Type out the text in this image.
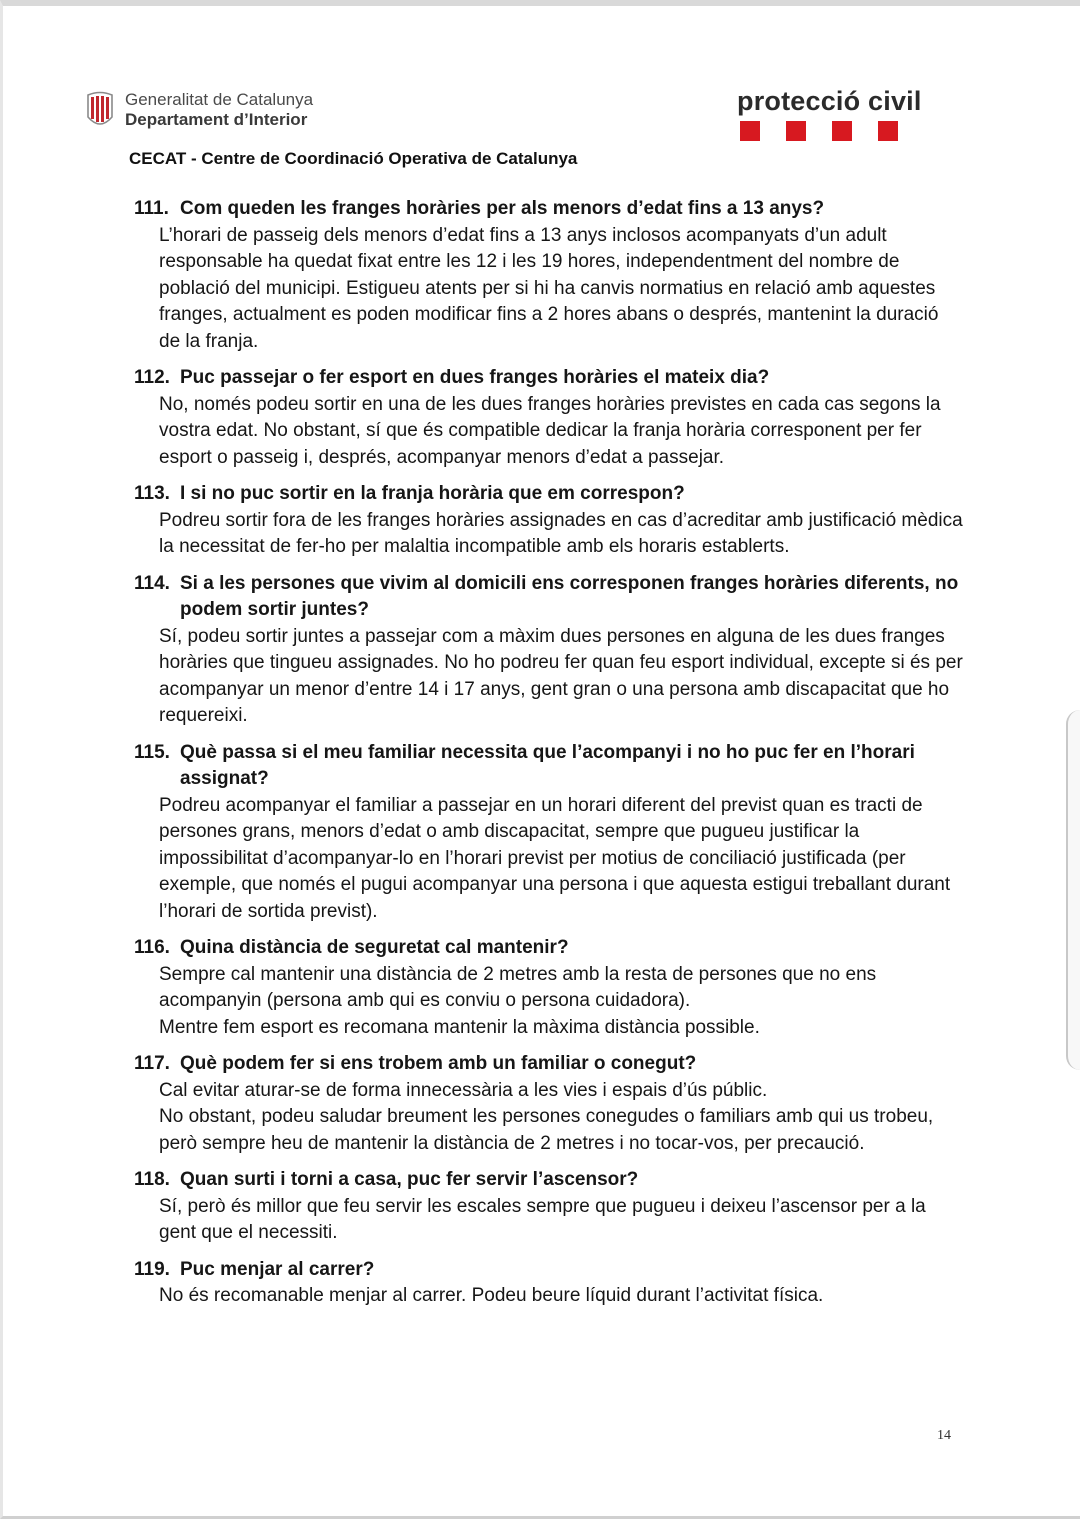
Generalitat de Catalunya
Departament d’Interior
protecció civil
CECAT - Centre de Coordinació Operativa de Catalunya
111. Com queden les franges horàries per als menors d’edat fins a 13 anys?

L’horari de passeig dels menors d’edat fins a 13 anys inclosos acompanyats d’un adult responsable ha quedat fixat entre les 12 i les 19 hores, independentment del nombre de població del municipi. Estigueu atents per si hi ha canvis normatius en relació amb aquestes franges, actualment es poden modificar fins a 2 hores abans o després, mantenint la duració de la franja.

112. Puc passejar o fer esport en dues franges horàries el mateix dia?

No, només podeu sortir en una de les dues franges horàries previstes en cada cas segons la vostra edat. No obstant, sí que és compatible dedicar la franja horària corresponent per fer esport o passeig i, després, acompanyar menors d’edat a passejar.

113. I si no puc sortir en la franja horària que em correspon?

Podreu sortir fora de les franges horàries assignades en cas d’acreditar amb justificació mèdica la necessitat de fer-ho per malaltia incompatible amb els horaris establerts.

114. Si a les persones que vivim al domicili ens corresponen franges horàries diferents, no podem sortir juntes?

Sí, podeu sortir juntes a passejar com a màxim dues persones en alguna de les dues franges horàries que tingueu assignades. No ho podreu fer quan feu esport individual, excepte si és per acompanyar un menor d’entre 14 i 17 anys, gent gran o una persona amb discapacitat que ho requereixi.

115. Què passa si el meu familiar necessita que l’acompanyi i no ho puc fer en l’horari assignat?

Podreu acompanyar el familiar a passejar en un horari diferent del previst quan es tracti de persones grans, menors d’edat o amb discapacitat, sempre que pugueu justificar la impossibilitat d’acompanyar-lo en l’horari previst per motius de conciliació justificada (per exemple, que només el pugui acompanyar una persona i que aquesta estigui treballant durant l’horari de sortida previst).

116. Quina distància de seguretat cal mantenir?

Sempre cal mantenir una distància de 2 metres amb la resta de persones que no ens acompanyin (persona amb qui es conviu o persona cuidadora).

Mentre fem esport es recomana mantenir la màxima distància possible.

117. Què podem fer si ens trobem amb un familiar o conegut?

Cal evitar aturar-se de forma innecessària a les vies i espais d’ús públic.

No obstant, podeu saludar breument les persones conegudes o familiars amb qui us trobeu, però sempre heu de mantenir la distància de 2 metres i no tocar-vos, per precaució.

118. Quan surti i torni a casa, puc fer servir l’ascensor?

Sí, però és millor que feu servir les escales sempre que pugueu i deixeu l’ascensor per a la gent que el necessiti.

119. Puc menjar al carrer?

No és recomanable menjar al carrer. Podeu beure líquid durant l’activitat física.

14
